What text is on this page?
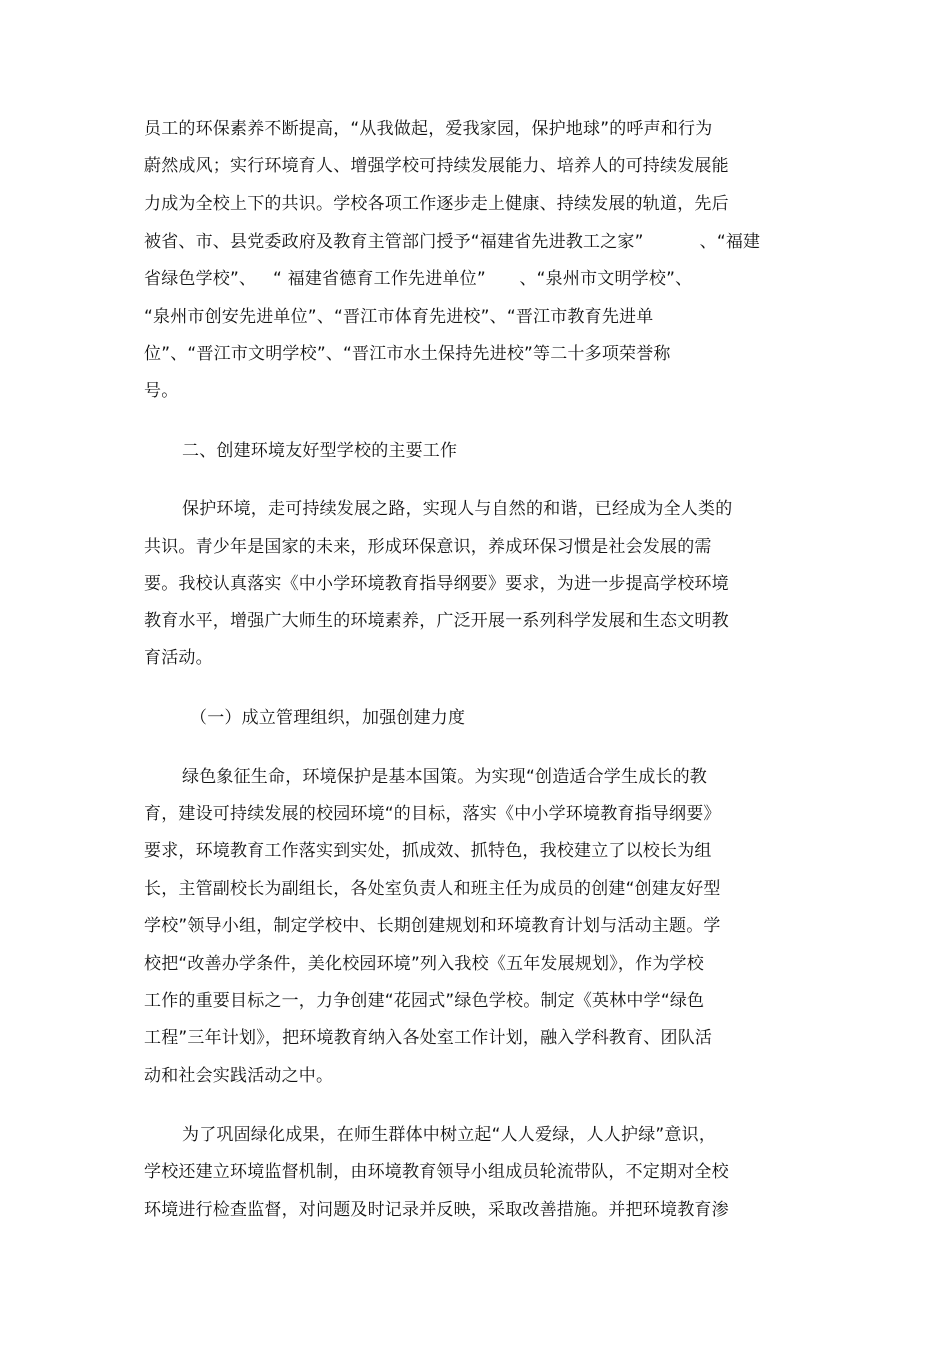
员工的环保素养不断提高，“从我做起，爱我家园，保护地球”的呼声和行为
蔚然成风；实行环境育人、增强学校可持续发展能力、培养人的可持续发展能
力成为全校上下的共识。学校各项工作逐步走上健康、持续发展的轨道，先后
被省、市、县党委政府及教育主管部门授予“福建省先进教工之家”          、“福建
省绿色学校”、   “ 福建省德育工作先进单位”      、“泉州市文明学校”、
“泉州市创安先进单位”、“晋江市体育先进校”、“晋江市教育先进单
位”、“晋江市文明学校”、“晋江市水土保持先进校”等二十多项荣誉称
号。
二、创建环境友好型学校的主要工作
保护环境，走可持续发展之路，实现人与自然的和谐，已经成为全人类的
共识。青少年是国家的未来，形成环保意识，养成环保习惯是社会发展的需
要。我校认真落实《中小学环境教育指导纲要》要求，为进一步提高学校环境
教育水平，增强广大师生的环境素养，广泛开展一系列科学发展和生态文明教
育活动。
（一）成立管理组织，加强创建力度
绿色象征生命，环境保护是基本国策。为实现“创造适合学生成长的教
育，建设可持续发展的校园环境“的目标，落实《中小学环境教育指导纲要》
要求，环境教育工作落实到实处，抓成效、抓特色，我校建立了以校长为组
长，主管副校长为副组长，各处室负责人和班主任为成员的创建“创建友好型
学校”领导小组，制定学校中、长期创建规划和环境教育计划与活动主题。学
校把“改善办学条件，美化校园环境”列入我校《五年发展规划》，作为学校
工作的重要目标之一，力争创建“花园式”绿色学校。制定《英林中学“绿色
工程”三年计划》，把环境教育纳入各处室工作计划，融入学科教育、团队活
动和社会实践活动之中。
为了巩固绿化成果，在师生群体中树立起“人人爱绿，人人护绿”意识，
学校还建立环境监督机制，由环境教育领导小组成员轮流带队，不定期对全校
环境进行检查监督，对问题及时记录并反映，采取改善措施。并把环境教育渗
